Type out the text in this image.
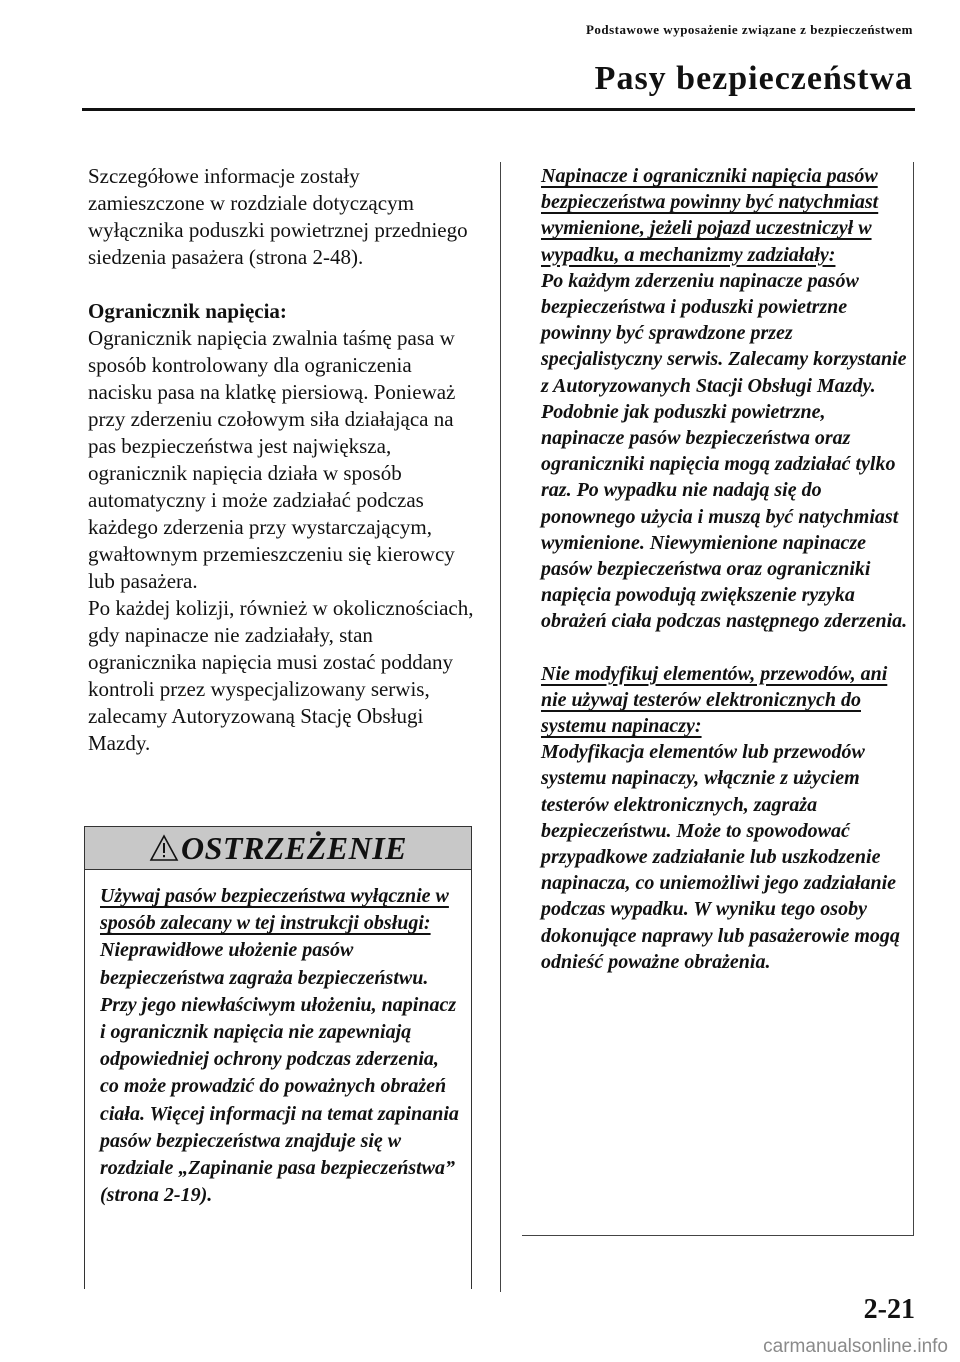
Podstawowe wyposażenie związane z bezpieczeństwem
Pasy bezpieczeństwa

Szczegółowe informacje zostały zamieszczone w rozdziale dotyczącym wyłącznika poduszki powietrznej przedniego siedzenia pasażera (strona 2-48).

Ogranicznik napięcia:

Ogranicznik napięcia zwalnia taśmę pasa w sposób kontrolowany dla ograniczenia nacisku pasa na klatkę piersiową. Ponieważ przy zderzeniu czołowym siła działająca na pas bezpieczeństwa jest największa, ogranicznik napięcia działa w sposób automatyczny i może zadziałać podczas każdego zderzenia przy wystarczającym, gwałtownym przemieszczeniu się kierowcy lub pasażera.

Po każdej kolizji, również w okolicznościach, gdy napinacze nie zadziałały, stan ogranicznika napięcia musi zostać poddany kontroli przez wyspecjalizowany serwis, zalecamy Autoryzowaną Stację Obsługi Mazdy.

OSTRZEŻENIE
Używaj pasów bezpieczeństwa wyłącznie w sposób zalecany w tej instrukcji obsługi:
Nieprawidłowe ułożenie pasów bezpieczeństwa zagraża bezpieczeństwu. Przy jego niewłaściwym ułożeniu, napinacz i ogranicznik napięcia nie zapewniają odpowiedniej ochrony podczas zderzenia, co może prowadzić do poważnych obrażeń ciała. Więcej informacji na temat zapinania pasów bezpieczeństwa znajduje się w rozdziale „Zapinanie pasa bezpieczeństwa” (strona 2-19).

Napinacze i ograniczniki napięcia pasów bezpieczeństwa powinny być natychmiast wymienione, jeżeli pojazd uczestniczył w wypadku, a mechanizmy zadziałały:

Po każdym zderzeniu napinacze pasów bezpieczeństwa i poduszki powietrzne powinny być sprawdzone przez specjalistyczny serwis. Zalecamy korzystanie z Autoryzowanych Stacji Obsługi Mazdy. Podobnie jak poduszki powietrzne, napinacze pasów bezpieczeństwa oraz ograniczniki napięcia mogą zadziałać tylko raz. Po wypadku nie nadają się do ponownego użycia i muszą być natychmiast wymienione. Niewymienione napinacze pasów bezpieczeństwa oraz ograniczniki napięcia powodują zwiększenie ryzyka obrażeń ciała podczas następnego zderzenia.

Nie modyfikuj elementów, przewodów, ani nie używaj testerów elektronicznych do systemu napinaczy:

Modyfikacja elementów lub przewodów systemu napinaczy, włącznie z użyciem testerów elektronicznych, zagraża bezpieczeństwu. Może to spowodować przypadkowe zadziałanie lub uszkodzenie napinacza, co uniemożliwi jego zadziałanie podczas wypadku. W wyniku tego osoby dokonujące naprawy lub pasażerowie mogą odnieść poważne obrażenia.

2-21
carmanualsonline.info
